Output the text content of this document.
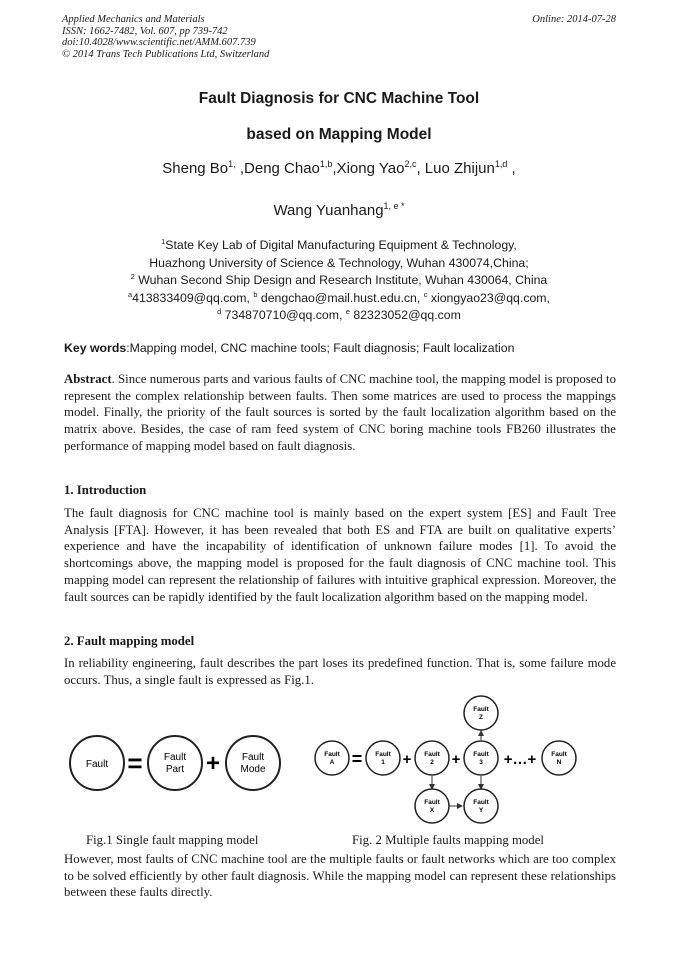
Applied Mechanics and Materials
ISSN: 1662-7482, Vol. 607, pp 739-742
doi:10.4028/www.scientific.net/AMM.607.739
© 2014 Trans Tech Publications Ltd, Switzerland
Online: 2014-07-28
Fault Diagnosis for CNC Machine Tool
based on Mapping Model
Sheng $Bo^{1,}$ ,Deng Chao$^{1,b}$,Xiong Yao$^{2,c}$, Luo Zhijun$^{1,d}$ ,
Wang Yuanhang$^{1, e *}$
$^1$State Key Lab of Digital Manufacturing Equipment & Technology,
Huazhong University of Science & Technology, Wuhan 430074,China;
$^2$ Wuhan Second Ship Design and Research Institute, Wuhan 430064, China
$^a$413833409@qq.com, $^b$ dengchao@mail.hust.edu.cn, $^c$ xiongyao23@qq.com,
$^d$ 734870710@qq.com, $^e$ 82323052@qq.com
Key words:Mapping model, CNC machine tools; Fault diagnosis; Fault localization
Abstract. Since numerous parts and various faults of CNC machine tool, the mapping model is proposed to represent the complex relationship between faults. Then some matrices are used to process the mappings model. Finally, the priority of the fault sources is sorted by the fault localization algorithm based on the matrix above. Besides, the case of ram feed system of CNC boring machine tools FB260 illustrates the performance of mapping model based on fault diagnosis.
1. Introduction
The fault diagnosis for CNC machine tool is mainly based on the expert system [ES] and Fault Tree Analysis [FTA]. However, it has been revealed that both ES and FTA are built on qualitative experts’ experience and have the incapability of identification of unknown failure modes [1]. To avoid the shortcomings above, the mapping model is proposed for the fault diagnosis of CNC machine tool. This mapping model can represent the relationship of failures with intuitive graphical expression. Moreover, the fault sources can be rapidly identified by the fault localization algorithm based on the mapping model.
2. Fault mapping model
In reliability engineering, fault describes the part loses its predefined function. That is, some failure mode occurs. Thus, a single fault is expressed as Fig.1.
Fault = Fault
Part + Fault
Mode
Fault
A = Fault
1 + Fault
2 + Fault
3 +…+ Fault
N
Fault
Z
Fault
X
Fault
Y
Fig.1 Single fault mapping model	Fig. 2 Multiple faults mapping model
However, most faults of CNC machine tool are the multiple faults or fault networks which are too complex to be solved efficiently by other fault diagnosis. While the mapping model can represent these relationships between these faults directly.
